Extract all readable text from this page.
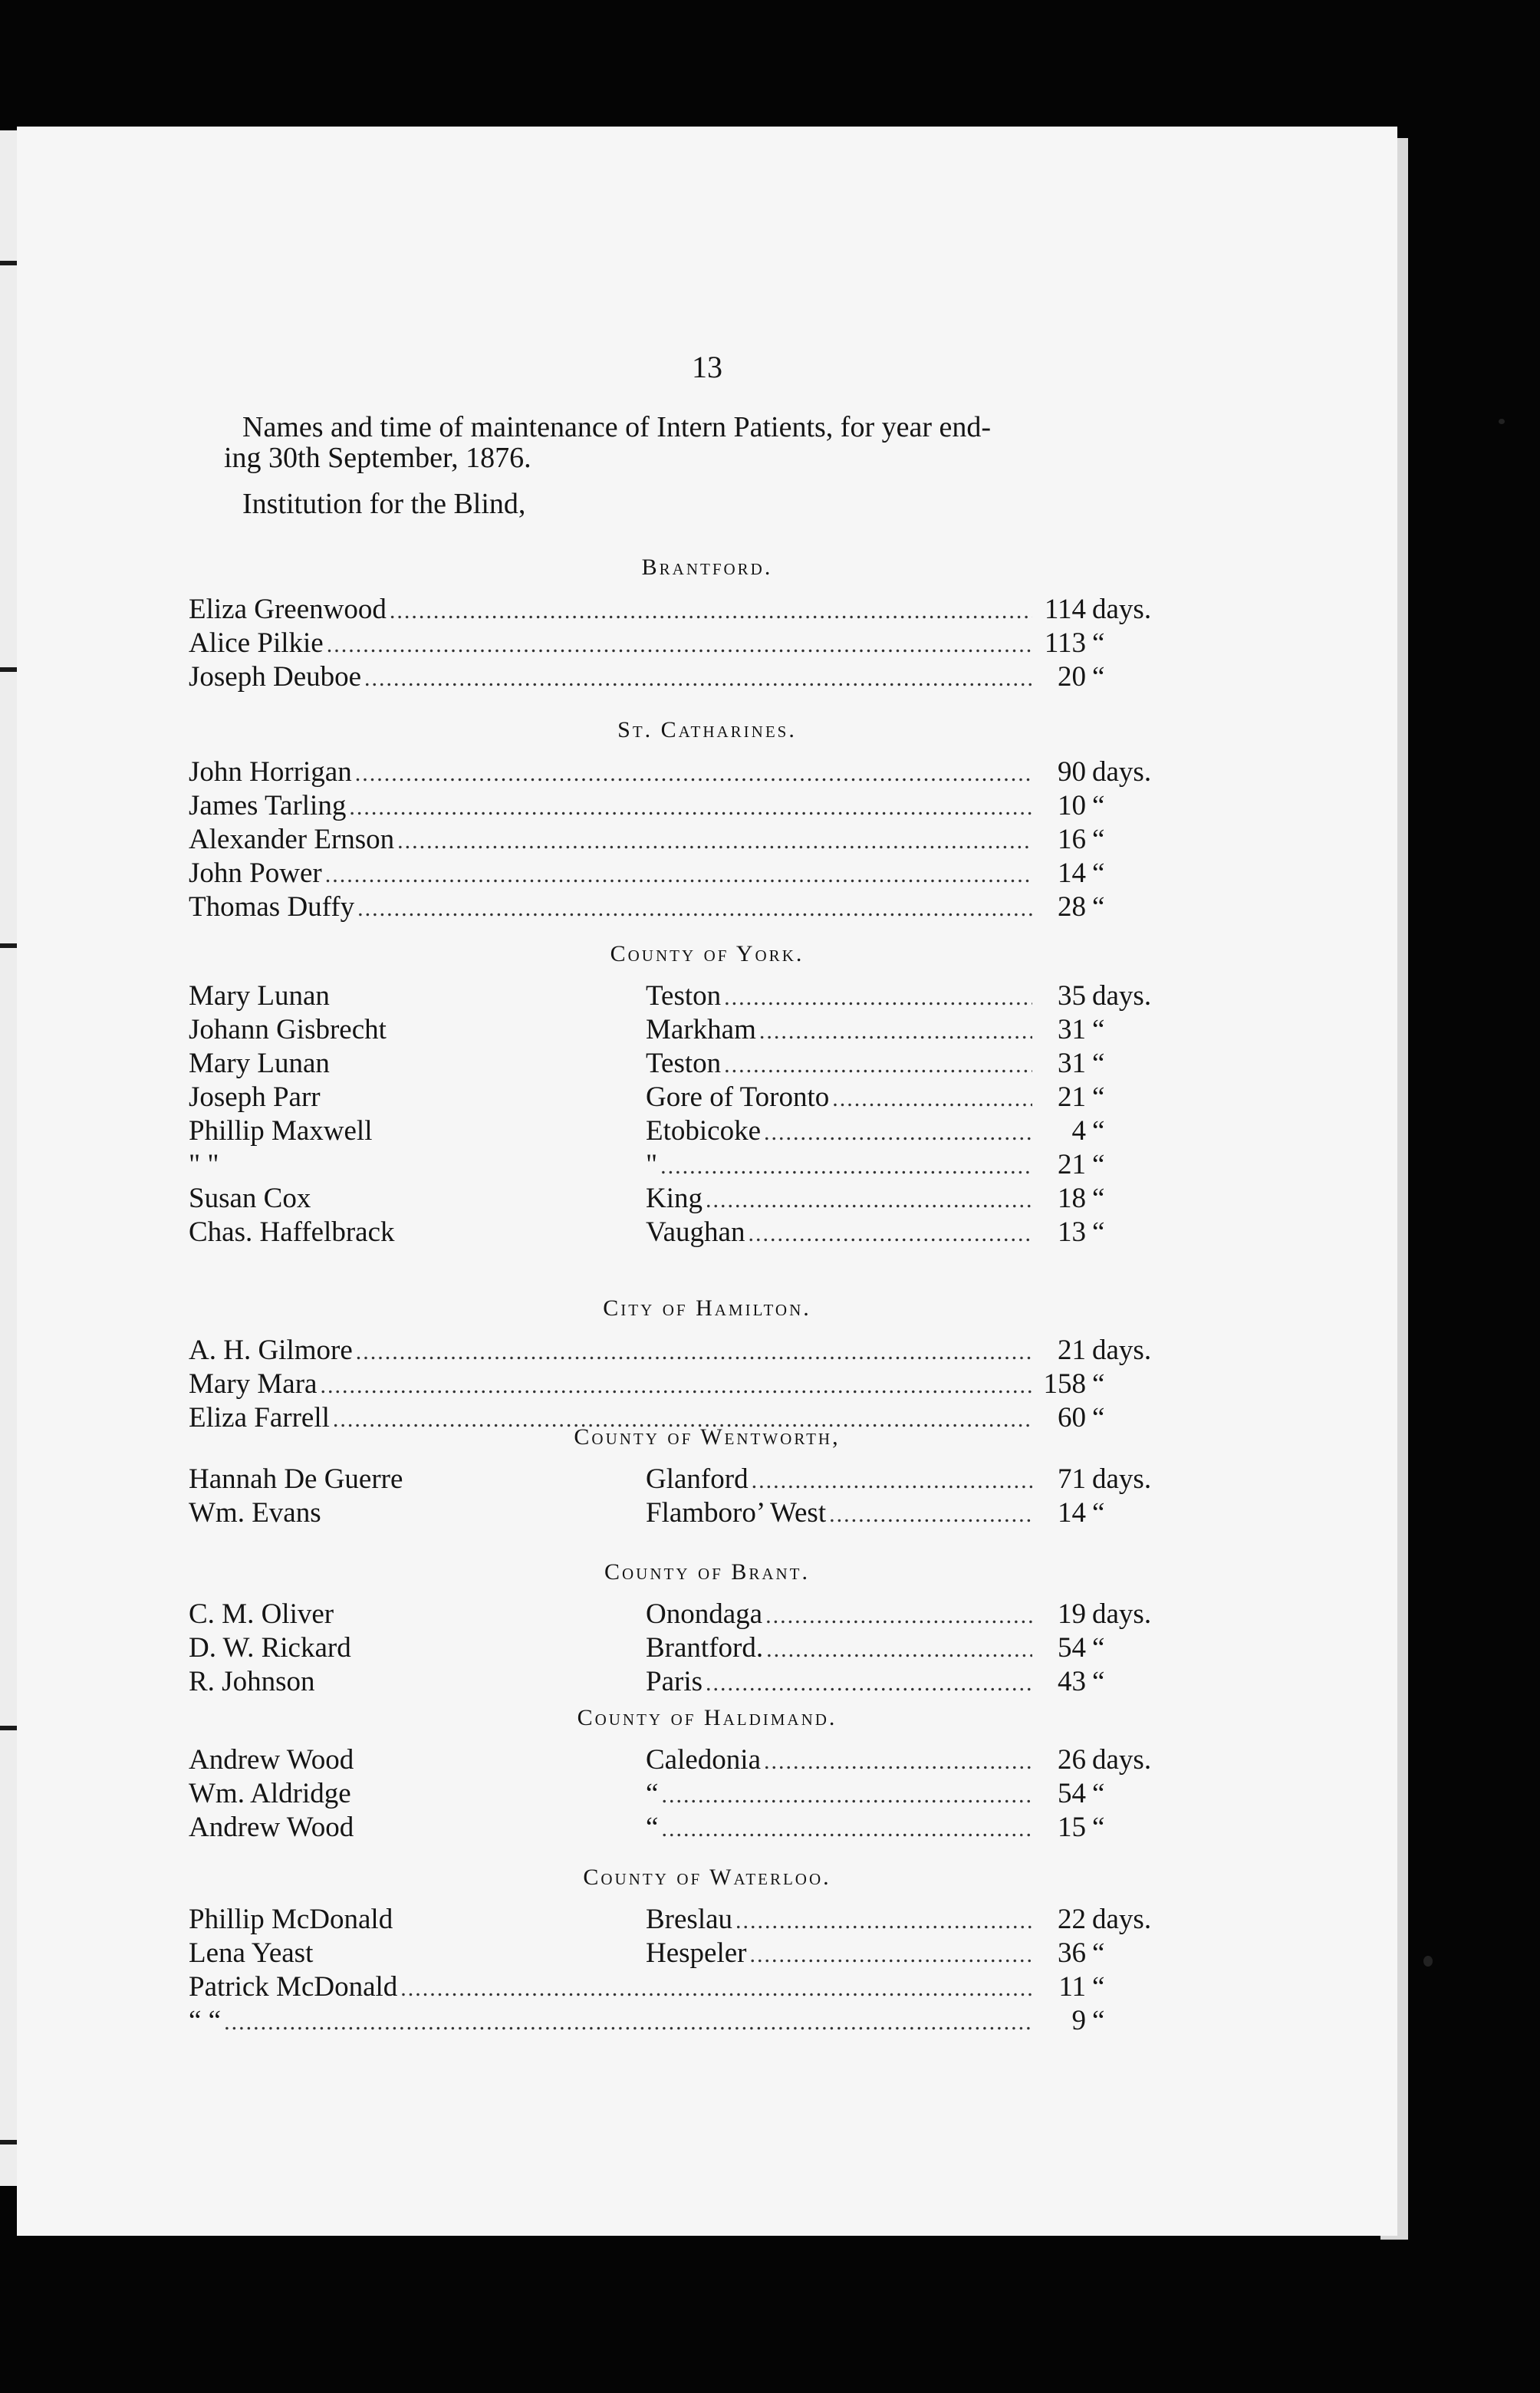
13
Names and time of maintenance of Intern Patients, for year end-
ing 30th September, 1876.
Institution for the Blind,
Brantford.
Eliza Greenwood .....	114 days.
Alice Pilkie .....	113 “
Joseph Deuboe .....	20 “
St. Catharines.
John Horrigan .....	90 days.
James Tarling .....	10 “
Alexander Ernson .....	16 “
John Power .....	14 “
Thomas Duffy .....	28 “
County of York.
Mary Lunan	Teston .....	35 days.
Johann Gisbrecht	Markham .....	31 “
Mary Lunan	Teston .....	31 “
Joseph Parr	Gore of Toronto .....	21 “
Phillip Maxwell	Etobicoke .....	4 “
" "	" .....	21 “
Susan Cox	King .....	18 “
Chas. Haffelbrack	Vaughan .....	13 “
City of Hamilton.
A. H. Gilmore .....	21 days.
Mary Mara .....	158 “
Eliza Farrell .....	60 “
County of Wentworth,
Hannah De Guerre	Glanford .....	71 days.
Wm. Evans	Flamboro’ West .....	14 “
County of Brant.
C. M. Oliver	Onondaga .....	19 days.
D. W. Rickard	Brantford. .....	54 “
R. Johnson	Paris .....	43 “
County of Haldimand.
Andrew Wood	Caledonia .....	26 days.
Wm. Aldridge	“ .....	54 “
Andrew Wood	“ .....	15 “
County of Waterloo.
Phillip McDonald	Breslau .....	22 days.
Lena Yeast	Hespeler .....	36 “
Patrick McDonald .....	11 “
“ “ .....	9 “
